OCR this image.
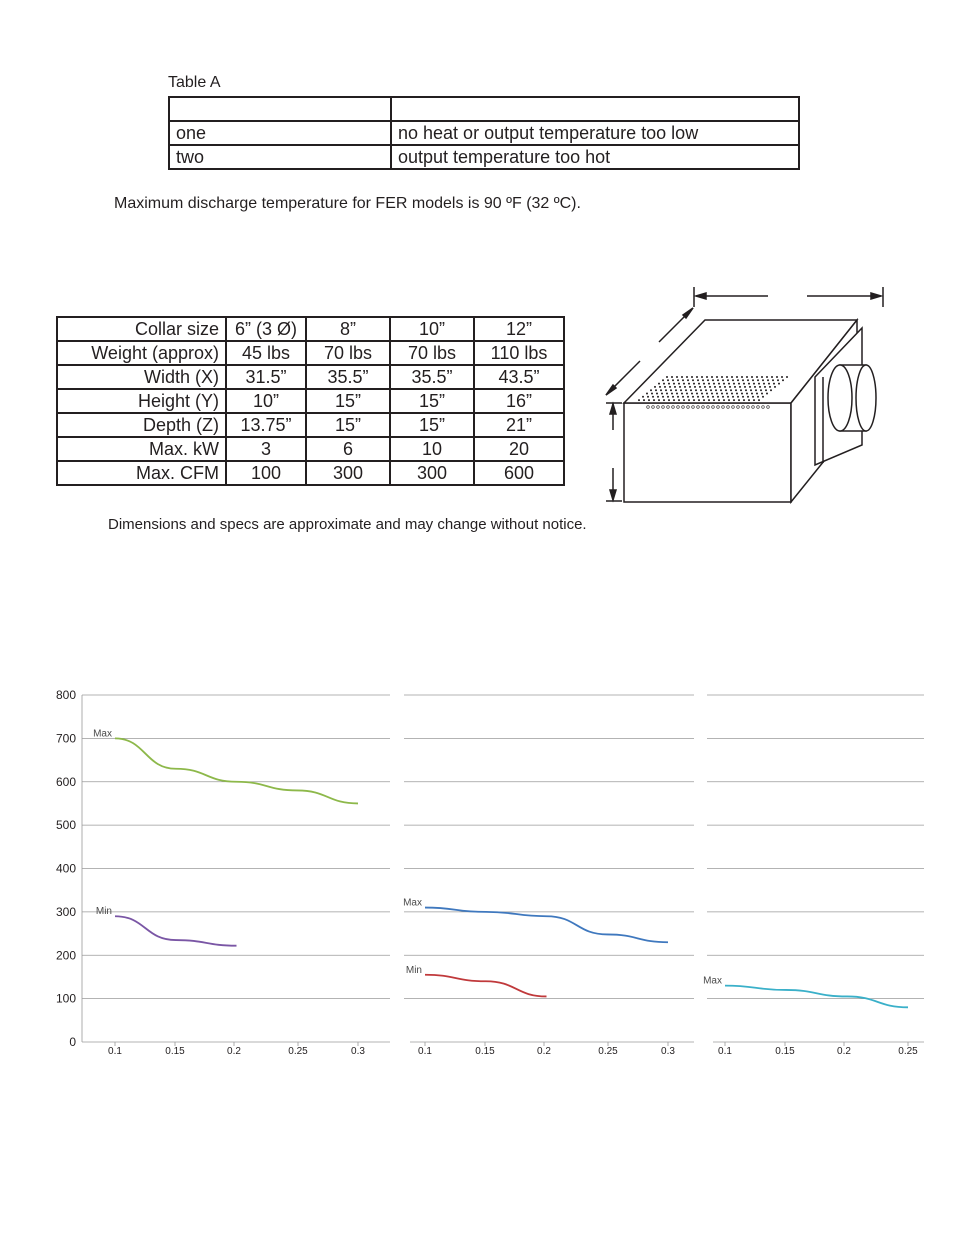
Table A

one	no heat or output temperature too low
two	output temperature too hot
Maximum discharge temperature for FER models is 90 ºF (32 ºC).
Collar size	6” (3 Ø)	8”	10”	12”
Weight (approx)	45 lbs	70 lbs	70 lbs	110 lbs
Width (X)	31.5”	35.5”	35.5”	43.5”
Height (Y)	10”	15”	15”	16”
Depth (Z)	13.75”	15”	15”	21”
Max. kW	3	6	10	20
Max. CFM	100	300	300	600
Dimensions and specs are approximate and may change without notice.
0
100
200
300
400
500
600
700
800
0.1	0.15	0.2	0.25	0.3
Max
Min
0.1	0.15	0.2	0.25	0.3
Max
Min
0.1	0.15	0.2	0.25
Max
